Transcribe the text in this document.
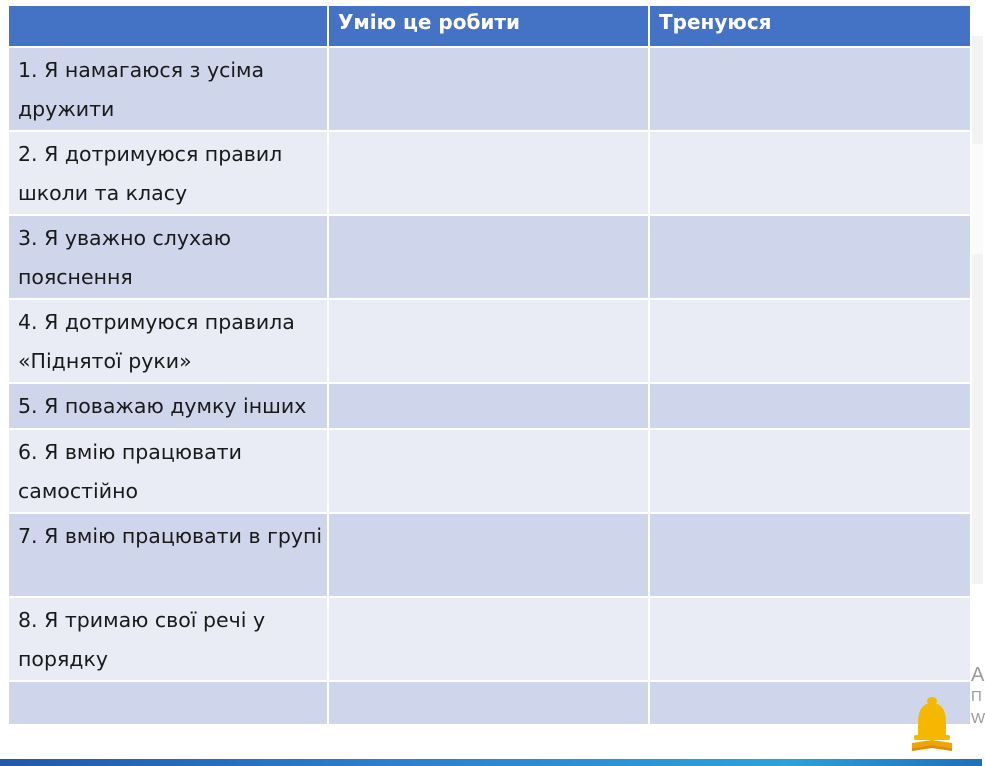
	Умію це робити	Тренуюся
1. Я намагаюся з усіма дружити		
2. Я дотримуюся правил школи та класу		
3. Я уважно слухаю пояснення		
4. Я дотримуюся правила «Піднятої руки»		
5. Я поважаю думку інших		
6. Я вмію працювати самостійно		
7. Я вмію працювати в групі		
8. Я тримаю свої речі у порядку		

А
П
W
